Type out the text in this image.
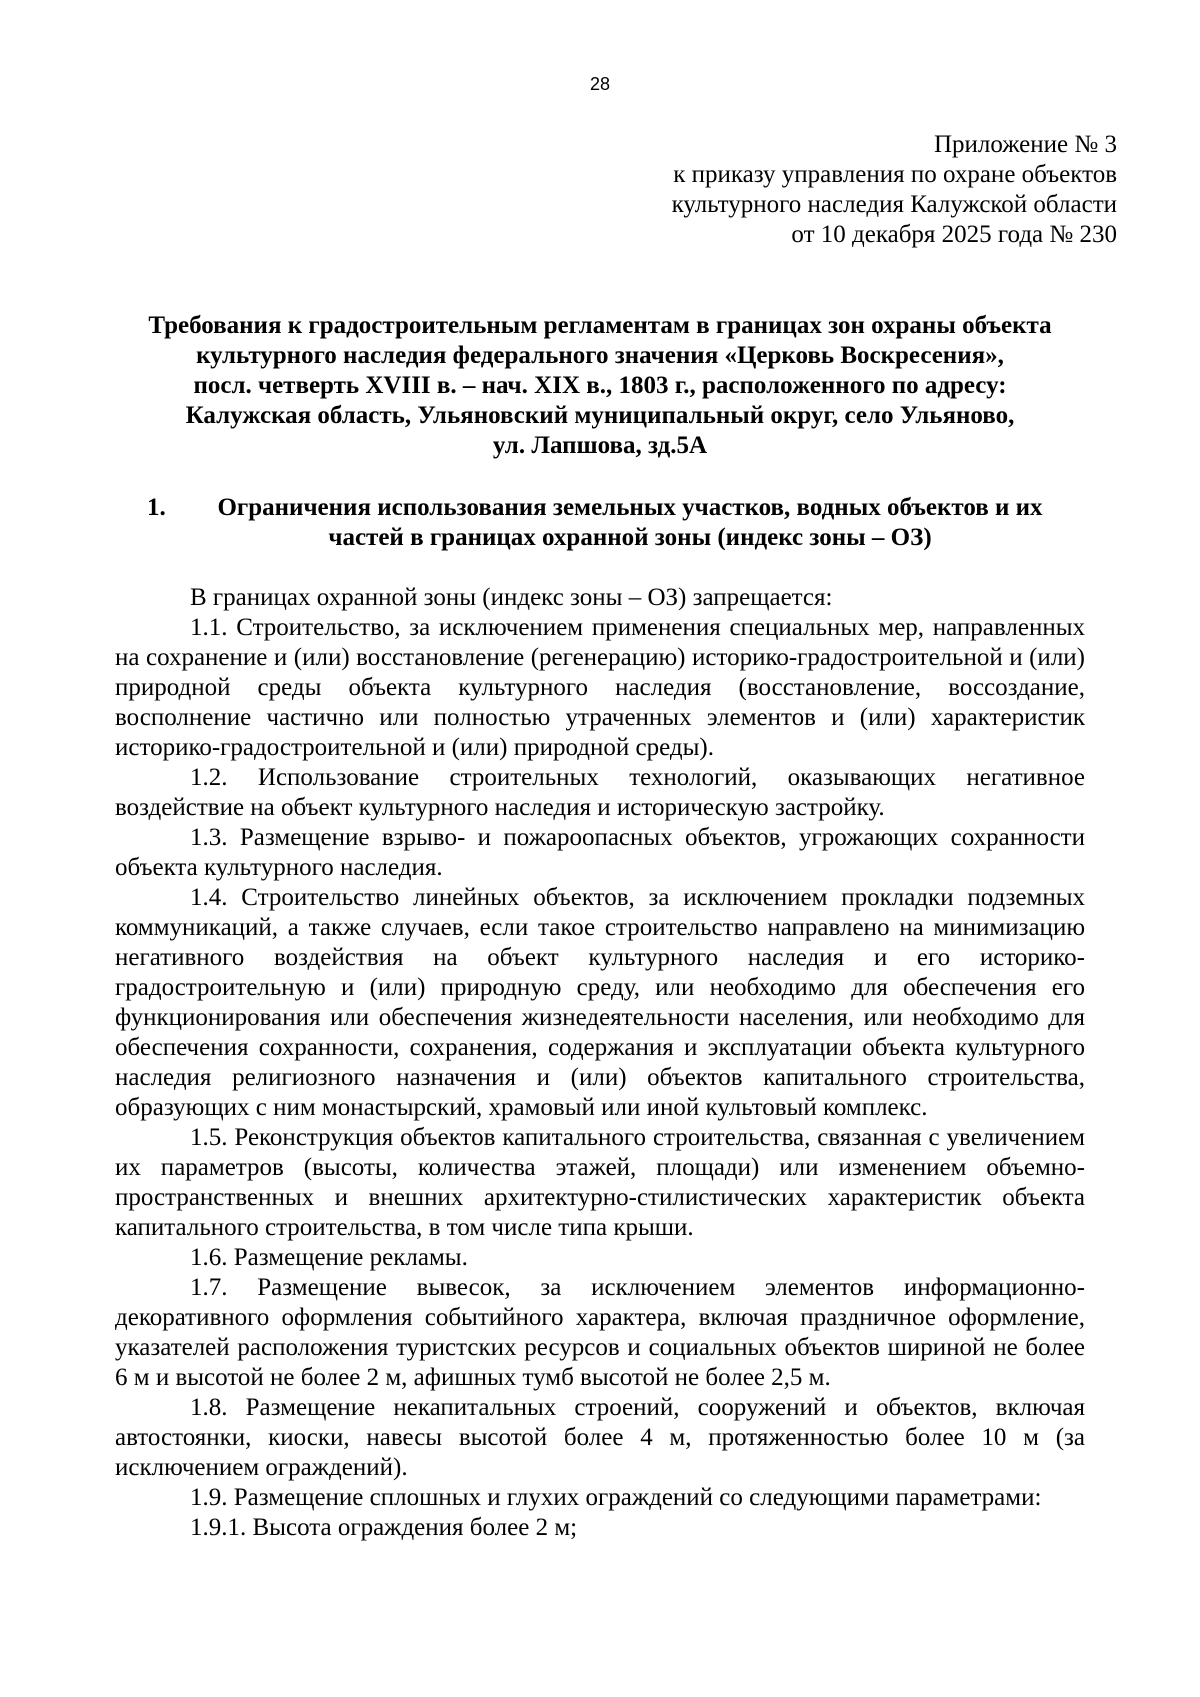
28
Приложение № 3
к приказу управления по охране объектов
культурного наследия Калужской области
от 10 декабря 2025 года № 230
Требования к градостроительным регламентам в границах зон охраны объекта
культурного наследия федерального значения «Церковь Воскресения»,
посл. четверть XVIII в. – нач. XIX в., 1803 г., расположенного по адресу:
Калужская область, Ульяновский муниципальный округ, село Ульяново,
ул. Лапшова, зд.5А
1.	Ограничения использования земельных участков, водных объектов и их
частей в границах охранной зоны (индекс зоны – ОЗ)

В границах охранной зоны (индекс зоны – ОЗ) запрещается:

1.1. Строительство, за исключением применения специальных мер, направленных на сохранение и (или) восстановление (регенерацию) историко-градостроительной и (или) природной среды объекта культурного наследия (восстановление, воссоздание, восполнение частично или полностью утраченных элементов и (или) характеристик историко-градостроительной и (или) природной среды).

1.2. Использование строительных технологий, оказывающих негативное воздействие на объект культурного наследия и историческую застройку.

1.3. Размещение взрыво- и пожароопасных объектов, угрожающих сохранности объекта культурного наследия.

1.4. Строительство линейных объектов, за исключением прокладки подземных коммуникаций, а также случаев, если такое строительство направлено на минимизацию негативного воздействия на объект культурного наследия и его историко-градостроительную и (или) природную среду, или необходимо для обеспечения его функционирования или обеспечения жизнедеятельности населения, или необходимо для обеспечения сохранности, сохранения, содержания и эксплуатации объекта культурного наследия религиозного назначения и (или) объектов капитального строительства, образующих с ним монастырский, храмовый или иной культовый комплекс.

1.5. Реконструкция объектов капитального строительства, связанная с увеличением их параметров (высоты, количества этажей, площади) или изменением объемно-пространственных и внешних архитектурно-стилистических характеристик объекта капитального строительства, в том числе типа крыши.

1.6. Размещение рекламы.

1.7. Размещение вывесок, за исключением элементов информационно-декоративного оформления событийного характера, включая праздничное оформление, указателей расположения туристских ресурсов и социальных объектов шириной не более 6 м и высотой не более 2 м, афишных тумб высотой не более 2,5 м.

1.8. Размещение некапитальных строений, сооружений и объектов, включая автостоянки, киоски, навесы высотой более 4 м, протяженностью более 10 м (за исключением ограждений).

1.9. Размещение сплошных и глухих ограждений со следующими параметрами:

1.9.1. Высота ограждения более 2 м;
